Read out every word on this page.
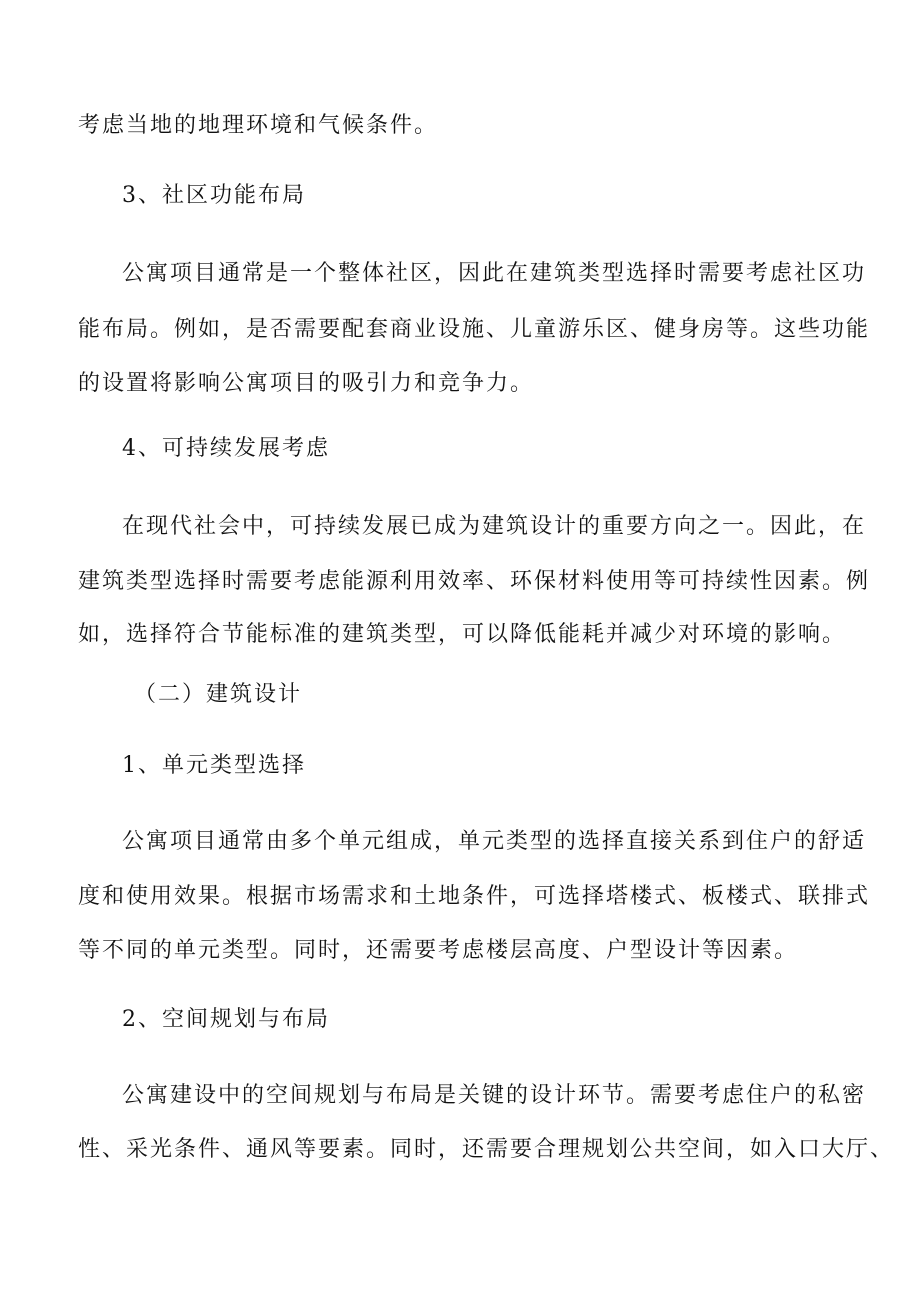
考虑当地的地理环境和气候条件。
3、社区功能布局
公寓项目通常是一个整体社区，因此在建筑类型选择时需要考虑社区功
能布局。例如，是否需要配套商业设施、儿童游乐区、健身房等。这些功能
的设置将影响公寓项目的吸引力和竞争力。
4、可持续发展考虑
在现代社会中，可持续发展已成为建筑设计的重要方向之一。因此，在
建筑类型选择时需要考虑能源利用效率、环保材料使用等可持续性因素。例
如，选择符合节能标准的建筑类型，可以降低能耗并减少对环境的影响。
（二）建筑设计
1、单元类型选择
公寓项目通常由多个单元组成，单元类型的选择直接关系到住户的舒适
度和使用效果。根据市场需求和土地条件，可选择塔楼式、板楼式、联排式
等不同的单元类型。同时，还需要考虑楼层高度、户型设计等因素。
2、空间规划与布局
公寓建设中的空间规划与布局是关键的设计环节。需要考虑住户的私密
性、采光条件、通风等要素。同时，还需要合理规划公共空间，如入口大厅、
